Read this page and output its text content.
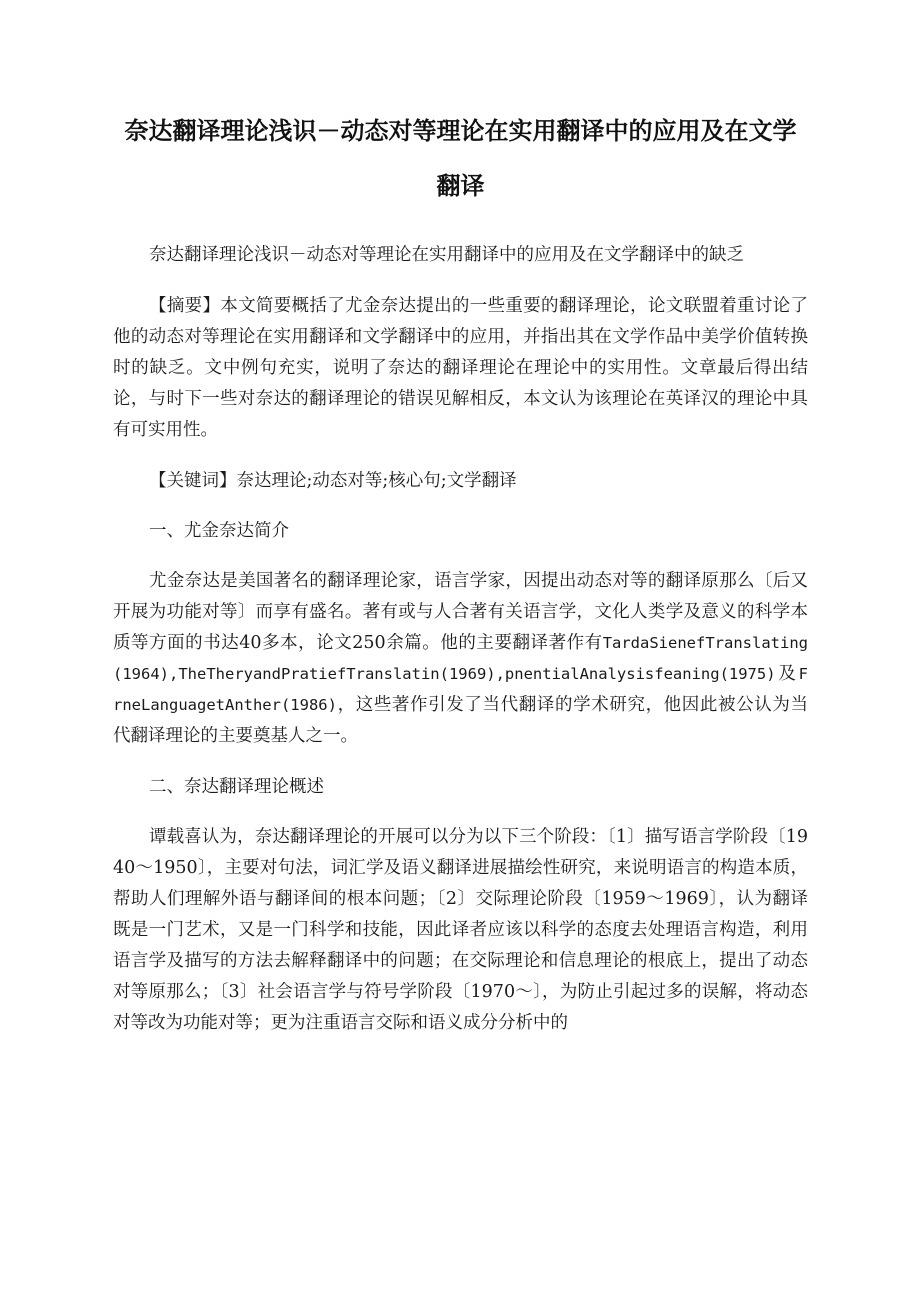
奈达翻译理论浅识－动态对等理论在实用翻译中的应用及在文学
翻译

奈达翻译理论浅识－动态对等理论在实用翻译中的应用及在文学翻译中的缺乏

【摘要】本文简要概括了尤金奈达提出的一些重要的翻译理论，论文联盟着重讨论了他的动态对等理论在实用翻译和文学翻译中的应用，并指出其在文学作品中美学价值转换时的缺乏。文中例句充实，说明了奈达的翻译理论在理论中的实用性。文章最后得出结论，与时下一些对奈达的翻译理论的错误见解相反，本文认为该理论在英译汉的理论中具有可实用性。

【关键词】奈达理论;动态对等;核心句;文学翻译

一、尤金奈达简介

尤金奈达是美国著名的翻译理论家，语言学家，因提出动态对等的翻译原那么〔后又开展为功能对等〕而享有盛名。著有或与人合著有关语言学，文化人类学及意义的科学本质等方面的书达40多本，论文250余篇。他的主要翻译著作有TardaSienefTranslating(1964),TheTheryandPratiefTranslatin(1969),pnentialAnalysisfeaning(1975)及FrneLanguagetAnther(1986)，这些著作引发了当代翻译的学术研究，他因此被公认为当代翻译理论的主要奠基人之一。

二、奈达翻译理论概述

谭载喜认为，奈达翻译理论的开展可以分为以下三个阶段：〔1〕描写语言学阶段〔1940～1950〕，主要对句法，词汇学及语义翻译进展描绘性研究，来说明语言的构造本质，帮助人们理解外语与翻译间的根本问题；〔2〕交际理论阶段〔1959～1969〕，认为翻译既是一门艺术，又是一门科学和技能，因此译者应该以科学的态度去处理语言构造，利用语言学及描写的方法去解释翻译中的问题；在交际理论和信息理论的根底上，提出了动态对等原那么；〔3〕社会语言学与符号学阶段〔1970～〕，为防止引起过多的误解，将动态对等改为功能对等；更为注重语言交际和语义成分分析中的
